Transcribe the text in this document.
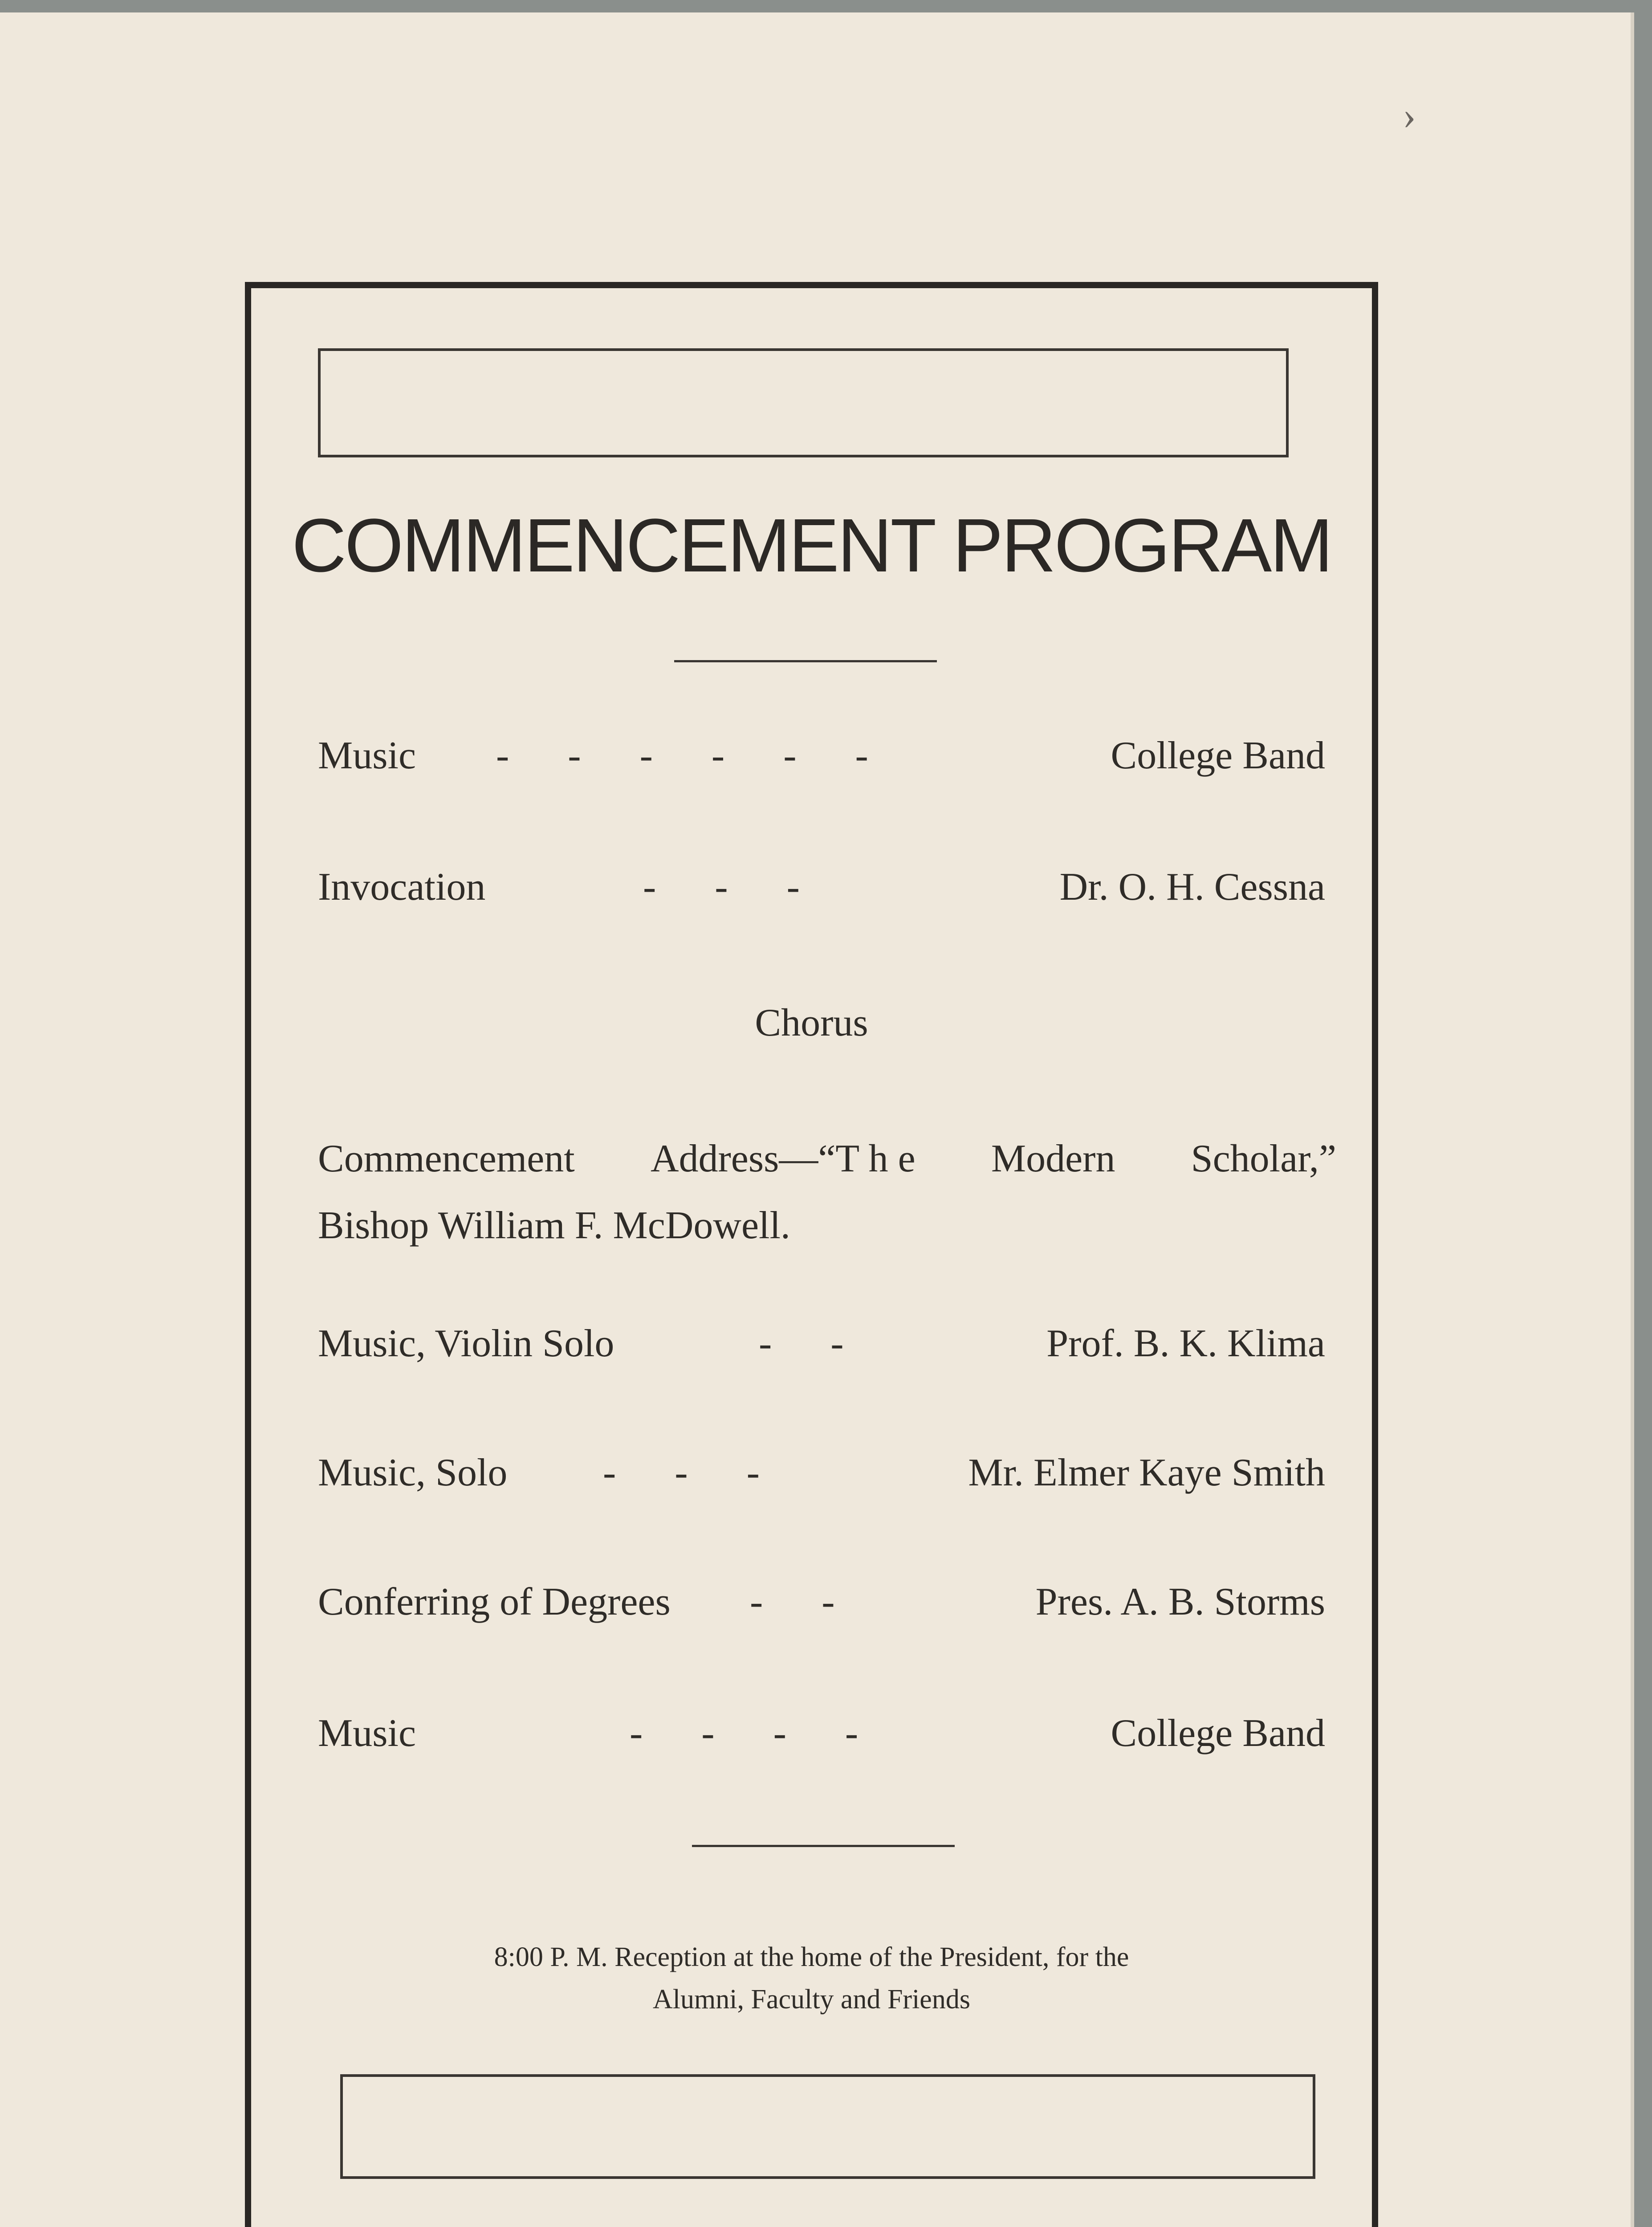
›
COMMENCEMENT PROGRAM
Music -      -      -      -      -      -	College Band
Invocation	-      -      -	Dr. O. H. Cessna
Chorus
Commencement Address—“T h e Modern Scholar,”
Bishop William F. McDowell.
Music, Violin Solo	-      -	Prof. B. K. Klima
Music, Solo -      -      -	Mr. Elmer Kaye Smith
Conferring of Degrees -      -	Pres. A. B. Storms
Music	-      -      -      -	College Band
8:00 P. M. Reception at the home of the President, for the
Alumni, Faculty and Friends
